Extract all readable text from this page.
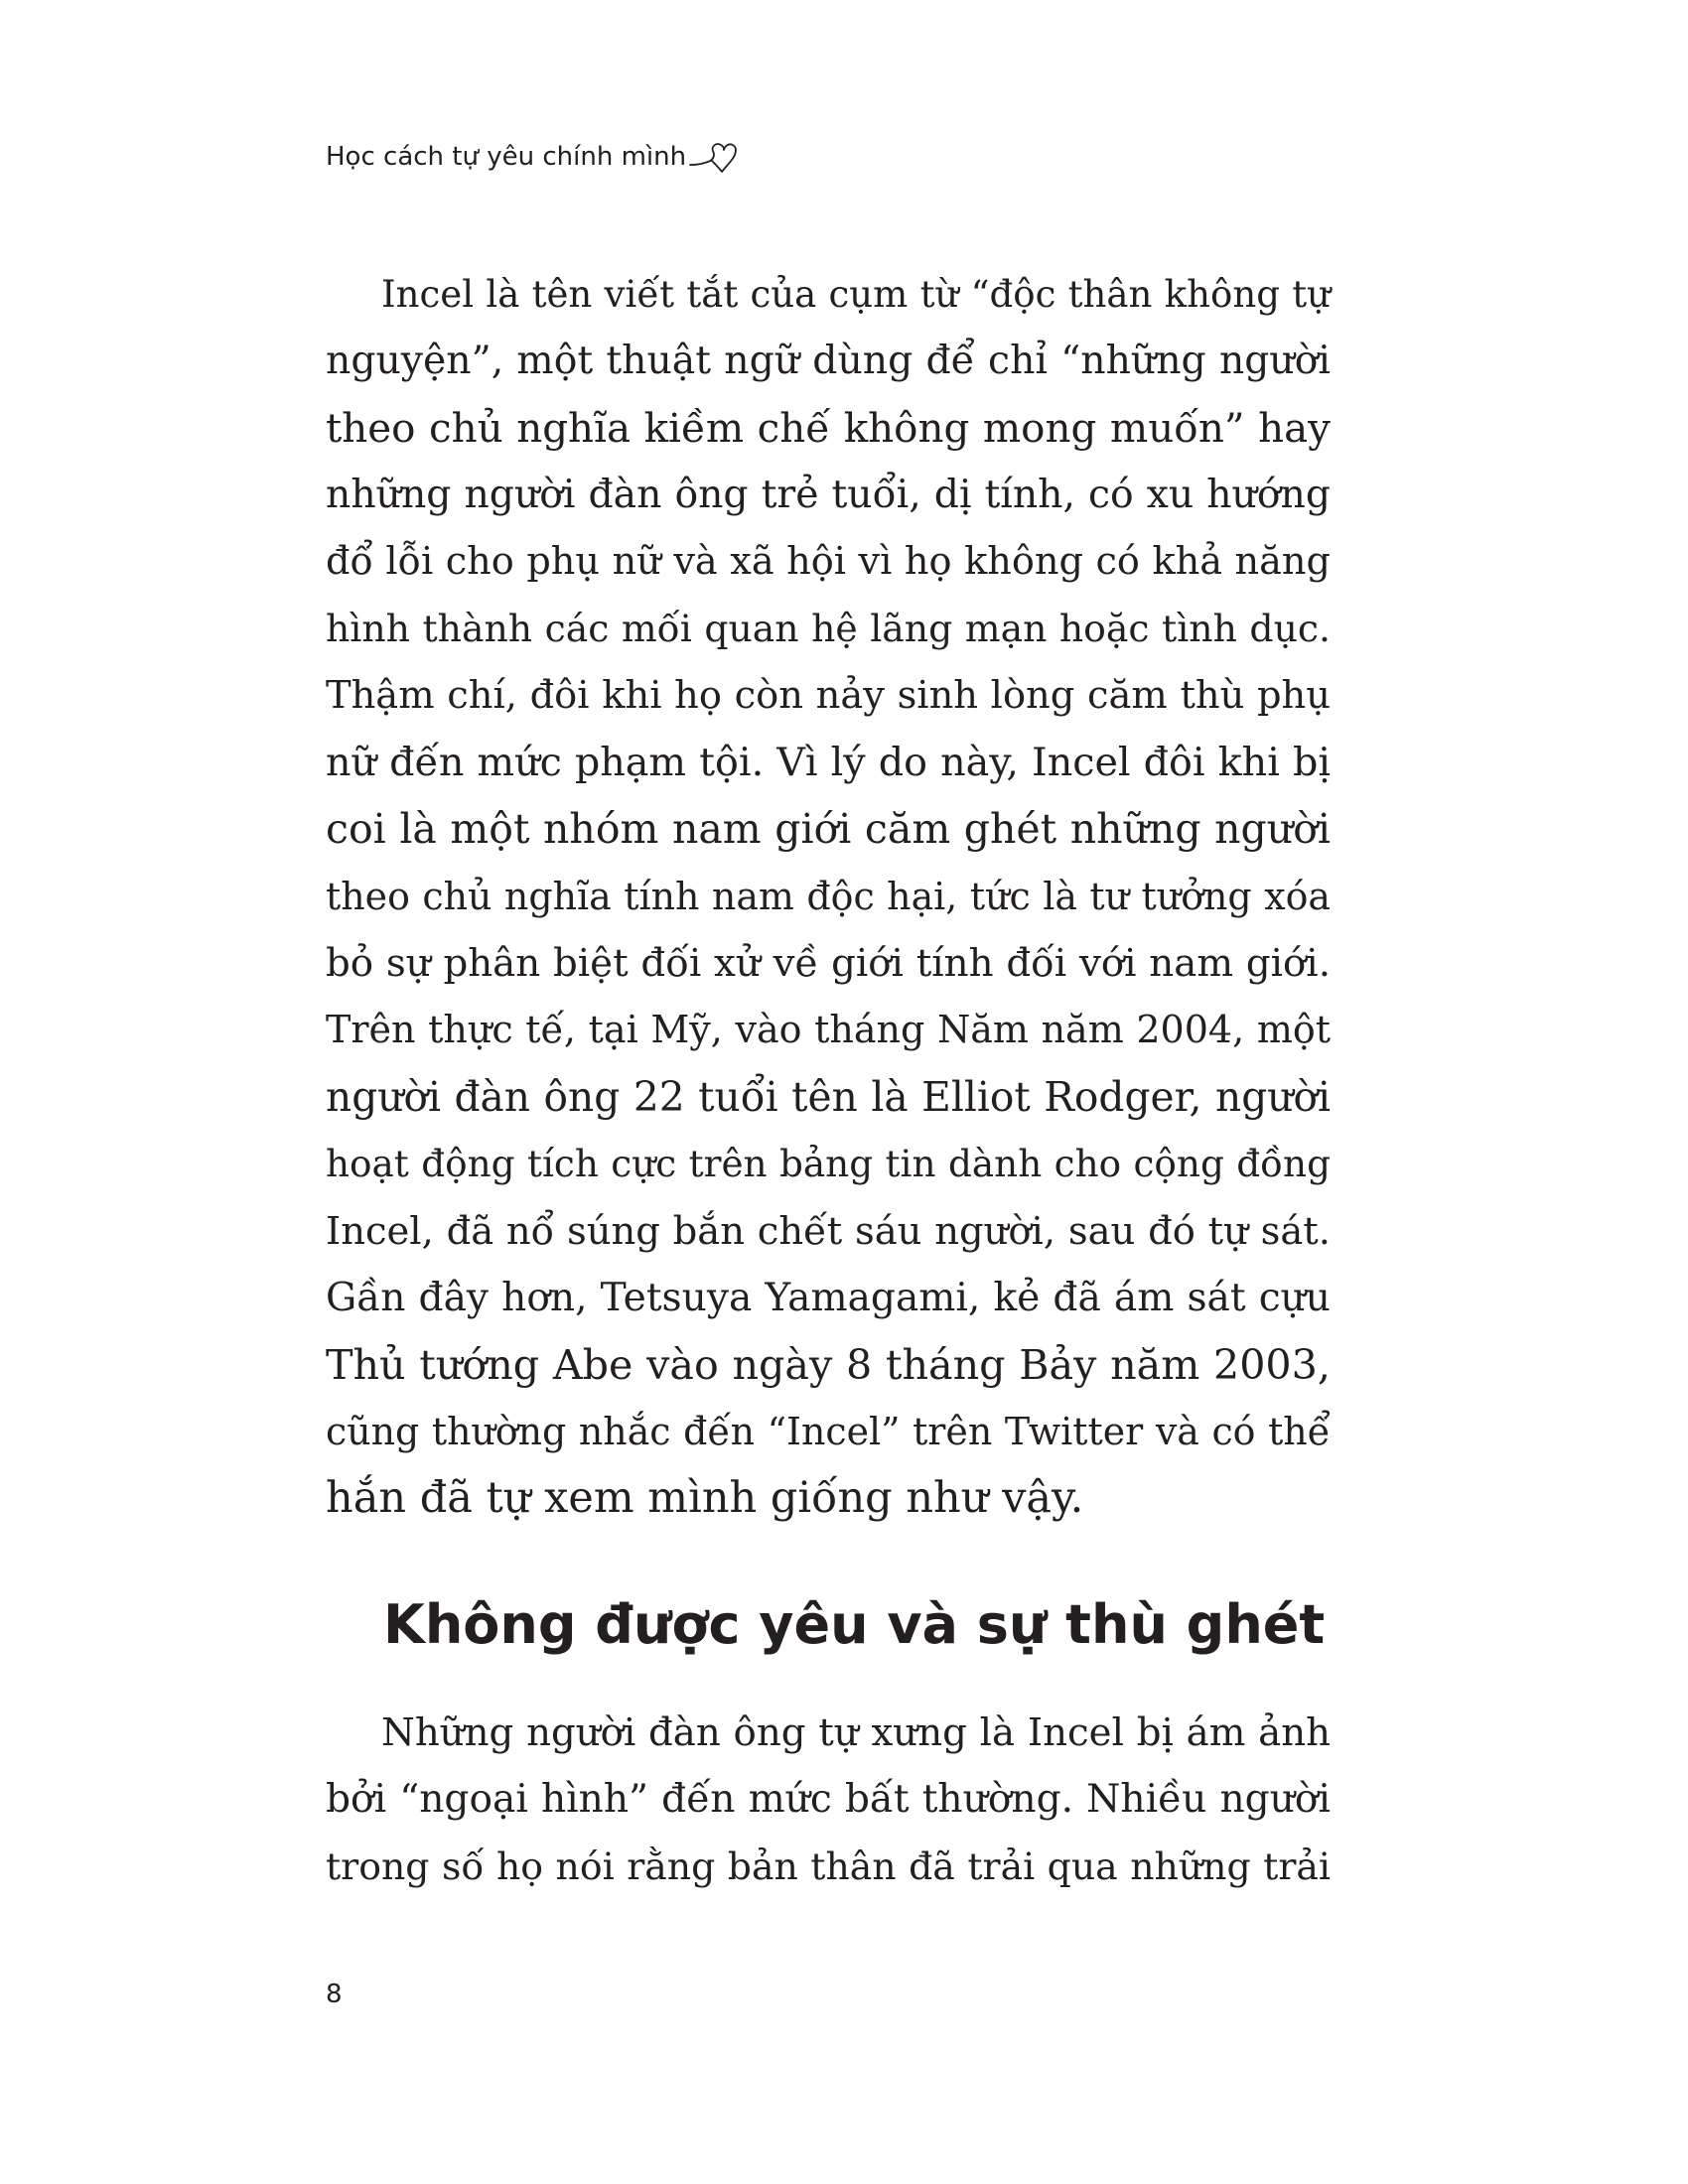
Học cách tự yêu chính mình
Incel là tên viết tắt của cụm từ “độc thân không tự
nguyện”, một thuật ngữ dùng để chỉ “những người
theo chủ nghĩa kiềm chế không mong muốn” hay
những người đàn ông trẻ tuổi, dị tính, có xu hướng
đổ lỗi cho phụ nữ và xã hội vì họ không có khả năng
hình thành các mối quan hệ lãng mạn hoặc tình dục.
Thậm chí, đôi khi họ còn nảy sinh lòng căm thù phụ
nữ đến mức phạm tội. Vì lý do này, Incel đôi khi bị
coi là một nhóm nam giới căm ghét những người
theo chủ nghĩa tính nam độc hại, tức là tư tưởng xóa
bỏ sự phân biệt đối xử về giới tính đối với nam giới.
Trên thực tế, tại Mỹ, vào tháng Năm năm 2004, một
người đàn ông 22 tuổi tên là Elliot Rodger, người
hoạt động tích cực trên bảng tin dành cho cộng đồng
Incel, đã nổ súng bắn chết sáu người, sau đó tự sát.
Gần đây hơn, Tetsuya Yamagami, kẻ đã ám sát cựu
Thủ tướng Abe vào ngày 8 tháng Bảy năm 2003,
cũng thường nhắc đến “Incel” trên Twitter và có thể
hắn đã tự xem mình giống như vậy.
Không được yêu và sự thù ghét
Những người đàn ông tự xưng là Incel bị ám ảnh
bởi “ngoại hình” đến mức bất thường. Nhiều người
trong số họ nói rằng bản thân đã trải qua những trải
8
